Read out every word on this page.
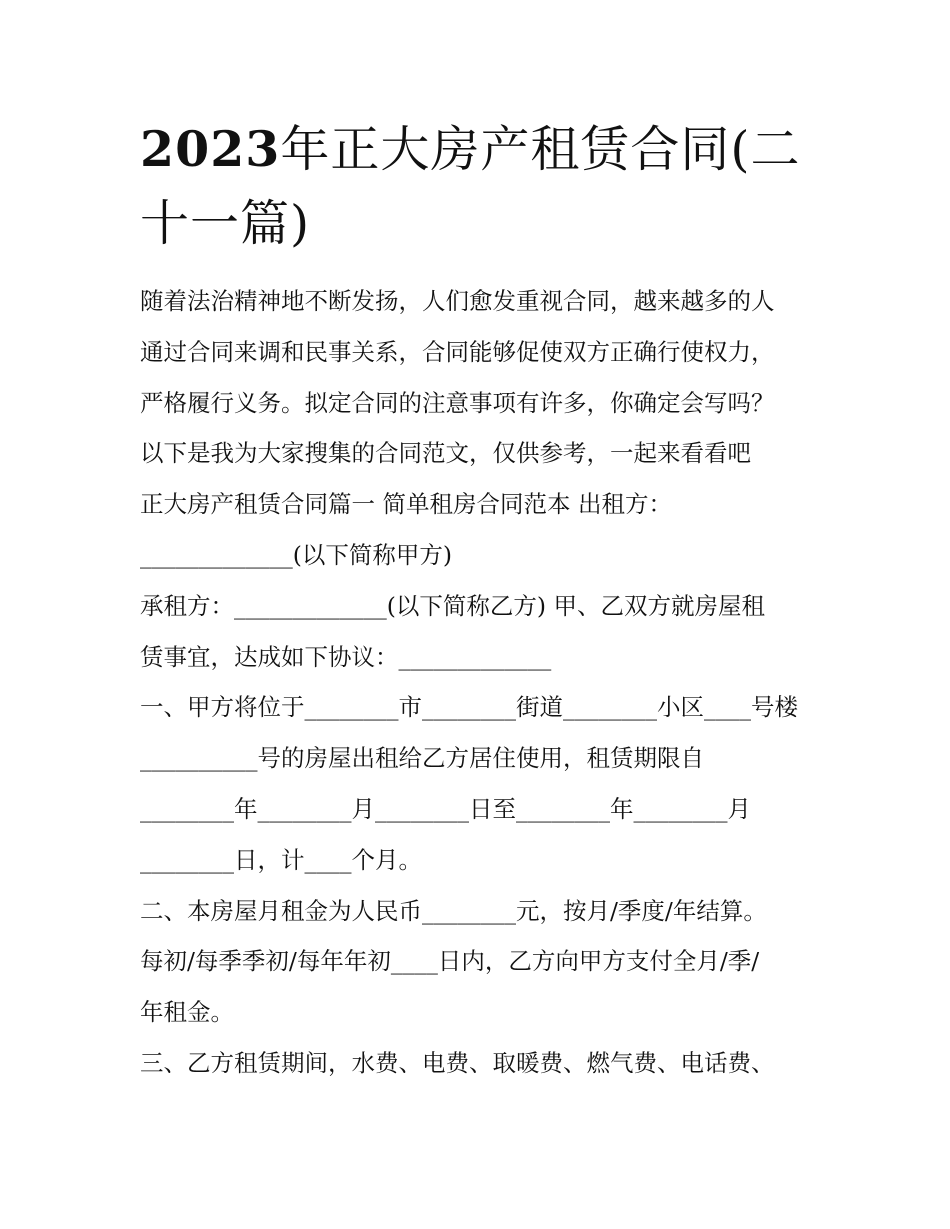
2023年正大房产租赁合同(二
十一篇)

随着法治精神地不断发扬，人们愈发重视合同，越来越多的人

通过合同来调和民事关系，合同能够促使双方正确行使权力，

严格履行义务。拟定合同的注意事项有许多，你确定会写吗？

以下是我为大家搜集的合同范文，仅供参考，一起来看看吧

正大房产租赁合同篇一 简单租房合同范本 出租方：

_____________(以下简称甲方)

承租方：_____________(以下简称乙方) 甲、乙双方就房屋租

赁事宜，达成如下协议：_____________

一、甲方将位于________市________街道________小区____号楼

__________号的房屋出租给乙方居住使用，租赁期限自

________年________月________日至________年________月

________日，计____个月。

二、本房屋月租金为人民币________元，按月/季度/年结算。

每初/每季季初/每年年初____日内，乙方向甲方支付全月/季/

年租金。

三、乙方租赁期间，水费、电费、取暖费、燃气费、电话费、
